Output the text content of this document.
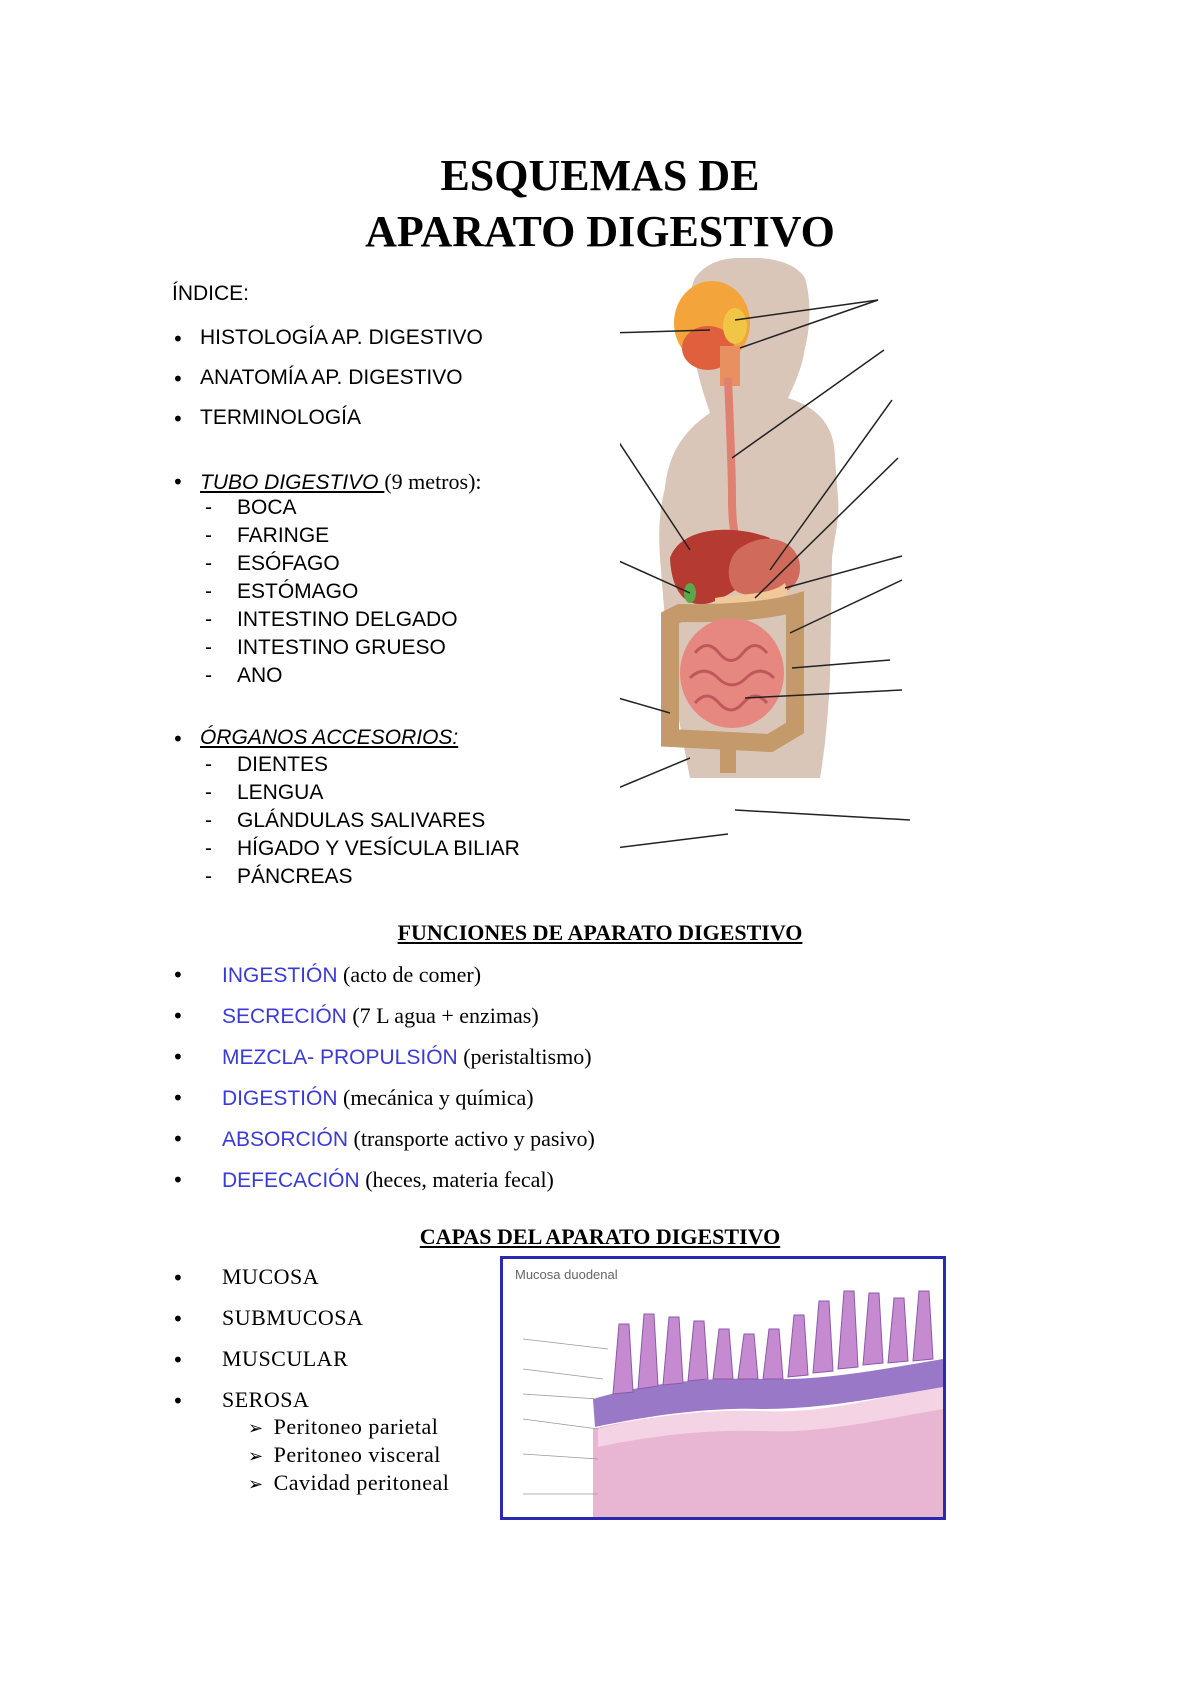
ESQUEMAS DE
APARATO DIGESTIVO
ÍNDICE:
• HISTOLOGÍA AP. DIGESTIVO
• ANATOMÍA AP. DIGESTIVO
• TERMINOLOGÍA
• TUBO DIGESTIVO (9 metros):
- BOCA
- FARINGE
- ESÓFAGO
- ESTÓMAGO
- INTESTINO DELGADO
- INTESTINO GRUESO
- ANO
• ÓRGANOS ACCESORIOS:
- DIENTES
- LENGUA
- GLÁNDULAS SALIVARES
- HÍGADO Y VESÍCULA BILIAR
- PÁNCREAS
FUNCIONES DE APARATO DIGESTIVO
• INGESTIÓN (acto de comer)
• SECRECIÓN (7 L agua + enzimas)
• MEZCLA- PROPULSIÓN (peristaltismo)
• DIGESTIÓN (mecánica y química)
• ABSORCIÓN (transporte activo y pasivo)
• DEFECACIÓN (heces, materia fecal)
CAPAS DEL APARATO DIGESTIVO
• MUCOSA
• SUBMUCOSA
• MUSCULAR
• SEROSA
➢ Peritoneo parietal
➢ Peritoneo visceral
➢ Cavidad peritoneal
Mucosa duodenal
